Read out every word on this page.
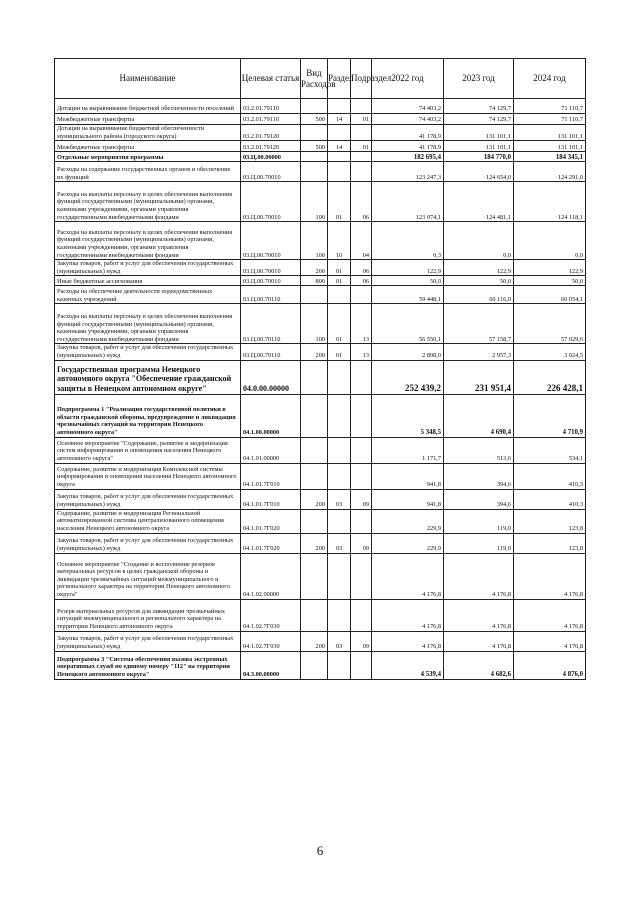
Наименование	Целевая статья	Вид Расходов	Раздел	Подраздел	2022 год	2023 год	2024 год
Дотации на выравнивание бюджетной обеспеченности поселений	03.2.01.79110				74 403,2	74 129,7	71 110,7
Межбюджетные трансферты	03.2.01.79110	500	14	01	74 403,2	74 129,7	71 110,7
Дотации на выравнивание бюджетной обеспеченности муниципального района (городского округа)	03.2.01.79120				41 178,9	131 101,1	131 101,1
Межбюджетные трансферты	03.2.01.79120	500	14	01	41 178,9	131 101,1	131 101,1
Отдельные мероприятия программы	03.Ц.00.00000				182 695,4	184 770,0	184 345,1
Расходы на содержание государственных органов и обеспечение их функций	03.Ц.00.70010				123 247,3	124 654,0	124 291,0
Расходы на выплаты персоналу в целях обеспечения выполнения функций государственными (муниципальными) органами, казенными учреждениями, органами управления государственными внебюджетными фондами	03.Ц.00.70010	100	01	06	123 074,1	124 481,1	124 118,1
Расходы на выплаты персоналу в целях обеспечения выполнения функций государственными (муниципальными) органами, казенными учреждениями, органами управления государственными внебюджетными фондами	03.Ц.00.70010	100	10	04	0,3	0,0	0,0
Закупка товаров, работ и услуг для обеспечения государственных (муниципальных) нужд	03.Ц.00.70010	200	01	06	122,9	122,9	122,9
Иные бюджетные ассигнования	03.Ц.00.70010	800	01	06	50,0	50,0	50,0
Расходы на обеспечение деятельности подведомственных казенных учреждений	03.Ц.00.70110				59 448,1	60 116,0	60 054,1
Расходы на выплаты персоналу в целях обеспечения выполнения функций государственными (муниципальными) органами, казенными учреждениями, органами управления государственными внебюджетными фондами	03.Ц.00.70110	100	01	13	56 550,1	57 158,7	57 029,6
Закупка товаров, работ и услуг для обеспечения государственных (муниципальных) нужд	03.Ц.00.70110	200	01	13	2 898,0	2 957,3	3 024,5
Государственная программа Ненецкого автономного округа "Обеспечение гражданской защиты в Ненецком автономном округе"	04.0.00.00000				252 439,2	231 951,4	226 428,1
Подпрограмма 1 "Реализация государственной политики в области гражданской обороны, предупреждение и ликвидация чрезвычайных ситуаций на территории Ненецкого автономного округа"	04.1.00.00000				5 348,5	4 690,4	4 710,9
Основное мероприятие "Содержание, развитие и модернизация систем информирования и оповещения населения Ненецкого автономного округа"	04.1.01.00000				1 171,7	513,6	534,1
Содержание, развитие и модернизация Комплексной системы информирования и оповещения населения Ненецкого автономного округа	04.1.01.7Г010				941,8	394,6	410,3
Закупка товаров, работ и услуг для обеспечения государственных (муниципальных) нужд	04.1.01.7Г010	200	03	09	941,8	394,6	410,3
Содержание, развитие и модернизация Региональной автоматизированной системы централизованного оповещения населения Ненецкого автономного округа	04.1.01.7Г020				229,9	119,0	123,8
Закупка товаров, работ и услуг для обеспечения государственных (муниципальных) нужд	04.1.01.7Г020	200	03	09	229,9	119,0	123,8
Основное мероприятие "Создание и восполнение резервов материальных ресурсов в целях гражданской обороны и ликвидации чрезвычайных ситуаций межмуниципального и регионального характера на территории Ненецкого автономного округа"	04.1.02.00000				4 176,8	4 176,8	4 176,8
Резерв материальных ресурсов для ликвидации чрезвычайных ситуаций межмуниципального и регионального характера на территории Ненецкого автономного округа	04.1.02.7Г030				4 176,8	4 176,8	4 176,8
Закупка товаров, работ и услуг для обеспечения государственных (муниципальных) нужд	04.1.02.7Г030	200	03	09	4 176,8	4 176,8	4 176,8
Подпрограмма 3 "Система обеспечения вызова экстренных оперативных служб по единому номеру "112" на территории Ненецкого автономного округа"	04.3.00.00000				4 539,4	4 682,6	4 876,0
6
